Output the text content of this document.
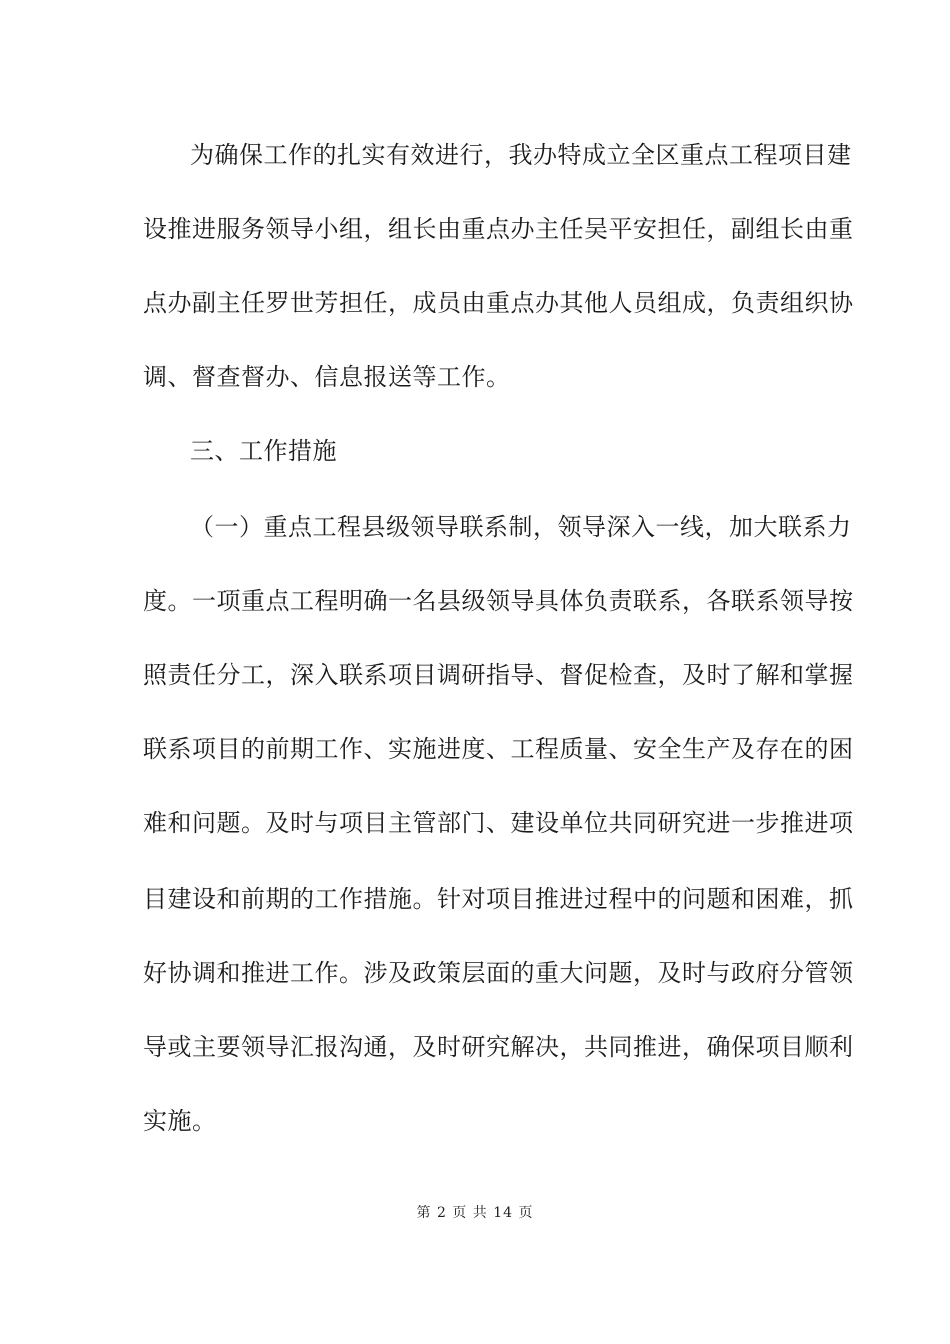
为确保工作的扎实有效进行，我办特成立全区重点工程项目建
设推进服务领导小组，组长由重点办主任吴平安担任，副组长由重
点办副主任罗世芳担任，成员由重点办其他人员组成，负责组织协
调、督查督办、信息报送等工作。
三、工作措施
（一）重点工程县级领导联系制，领导深入一线，加大联系力
度。一项重点工程明确一名县级领导具体负责联系，各联系领导按
照责任分工，深入联系项目调研指导、督促检查，及时了解和掌握
联系项目的前期工作、实施进度、工程质量、安全生产及存在的困
难和问题。及时与项目主管部门、建设单位共同研究进一步推进项
目建设和前期的工作措施。针对项目推进过程中的问题和困难，抓
好协调和推进工作。涉及政策层面的重大问题，及时与政府分管领
导或主要领导汇报沟通，及时研究解决，共同推进，确保项目顺利
实施。
第 2 页 共 14 页
